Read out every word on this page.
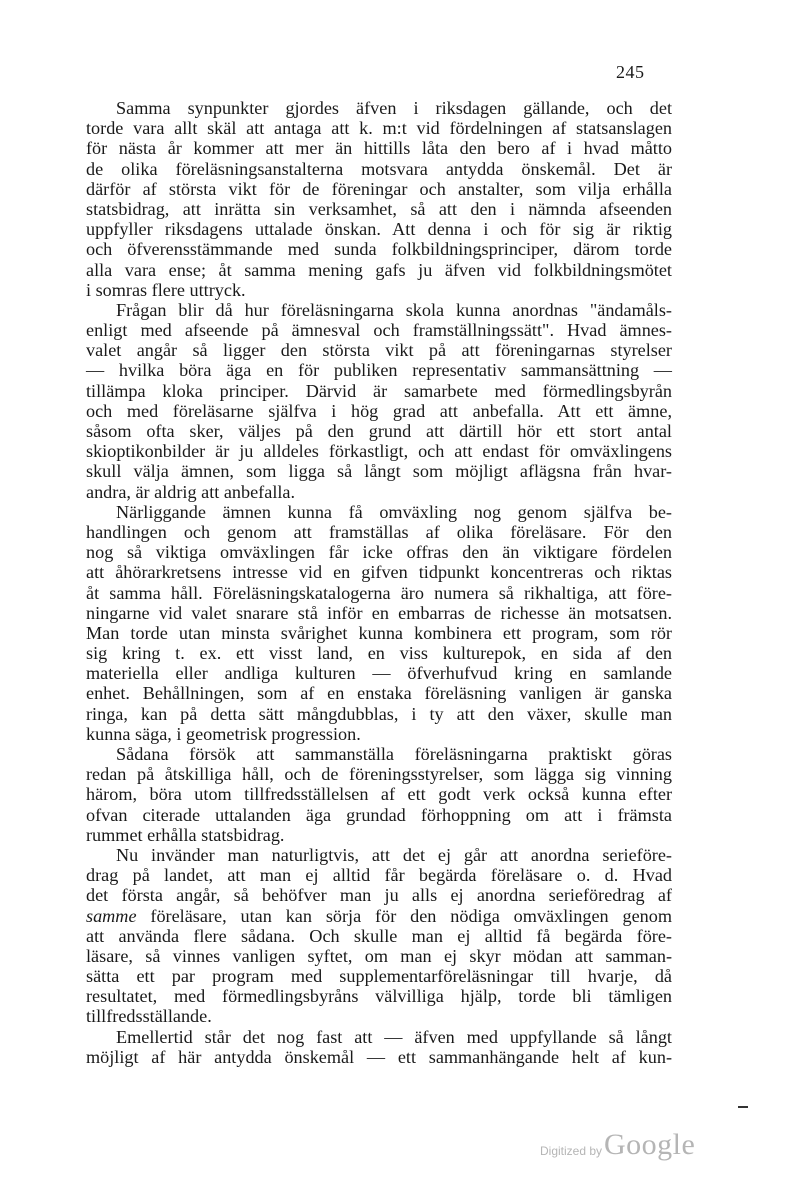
245
Samma synpunkter gjordes äfven i riksdagen gällande, och det
torde vara allt skäl att antaga att k. m:t vid fördelningen af statsanslagen
för nästa år kommer att mer än hittills låta den bero af i hvad måtto
de olika föreläsningsanstalterna motsvara antydda önskemål. Det är
därför af största vikt för de föreningar och anstalter, som vilja erhålla
statsbidrag, att inrätta sin verksamhet, så att den i nämnda afseenden
uppfyller riksdagens uttalade önskan. Att denna i och för sig är riktig
och öfverensstämmande med sunda folkbildningsprinciper, därom torde
alla vara ense; åt samma mening gafs ju äfven vid folkbildningsmötet
i somras flere uttryck.
Frågan blir då hur föreläsningarna skola kunna anordnas "ändamåls-
enligt med afseende på ämnesval och framställningssätt". Hvad ämnes-
valet angår så ligger den största vikt på att föreningarnas styrelser
— hvilka böra äga en för publiken representativ sammansättning —
tillämpa kloka principer. Därvid är samarbete med förmedlingsbyrån
och med föreläsarne själfva i hög grad att anbefalla. Att ett ämne,
såsom ofta sker, väljes på den grund att därtill hör ett stort antal
skioptikonbilder är ju alldeles förkastligt, och att endast för omväxlingens
skull välja ämnen, som ligga så långt som möjligt aflägsna från hvar-
andra, är aldrig att anbefalla.
Närliggande ämnen kunna få omväxling nog genom själfva be-
handlingen och genom att framställas af olika föreläsare. För den
nog så viktiga omväxlingen får icke offras den än viktigare fördelen
att åhörarkretsens intresse vid en gifven tidpunkt koncentreras och riktas
åt samma håll. Föreläsningskatalogerna äro numera så rikhaltiga, att före-
ningarne vid valet snarare stå inför en embarras de richesse än motsatsen.
Man torde utan minsta svårighet kunna kombinera ett program, som rör
sig kring t. ex. ett visst land, en viss kulturepok, en sida af den
materiella eller andliga kulturen — öfverhufvud kring en samlande
enhet. Behållningen, som af en enstaka föreläsning vanligen är ganska
ringa, kan på detta sätt mångdubblas, i ty att den växer, skulle man
kunna säga, i geometrisk progression.
Sådana försök att sammanställa föreläsningarna praktiskt göras
redan på åtskilliga håll, och de föreningsstyrelser, som lägga sig vinning
härom, böra utom tillfredsställelsen af ett godt verk också kunna efter
ofvan citerade uttalanden äga grundad förhoppning om att i främsta
rummet erhålla statsbidrag.
Nu invänder man naturligtvis, att det ej går att anordna serieföre-
drag på landet, att man ej alltid får begärda föreläsare o. d. Hvad
det första angår, så behöfver man ju alls ej anordna serieföredrag af
samme föreläsare, utan kan sörja för den nödiga omväxlingen genom
att använda flere sådana. Och skulle man ej alltid få begärda före-
läsare, så vinnes vanligen syftet, om man ej skyr mödan att samman-
sätta ett par program med supplementarföreläsningar till hvarje, då
resultatet, med förmedlingsbyråns välvilliga hjälp, torde bli tämligen
tillfredsställande.
Emellertid står det nog fast att — äfven med uppfyllande så långt
möjligt af här antydda önskemål — ett sammanhängande helt af kun-
Digitized by Google
